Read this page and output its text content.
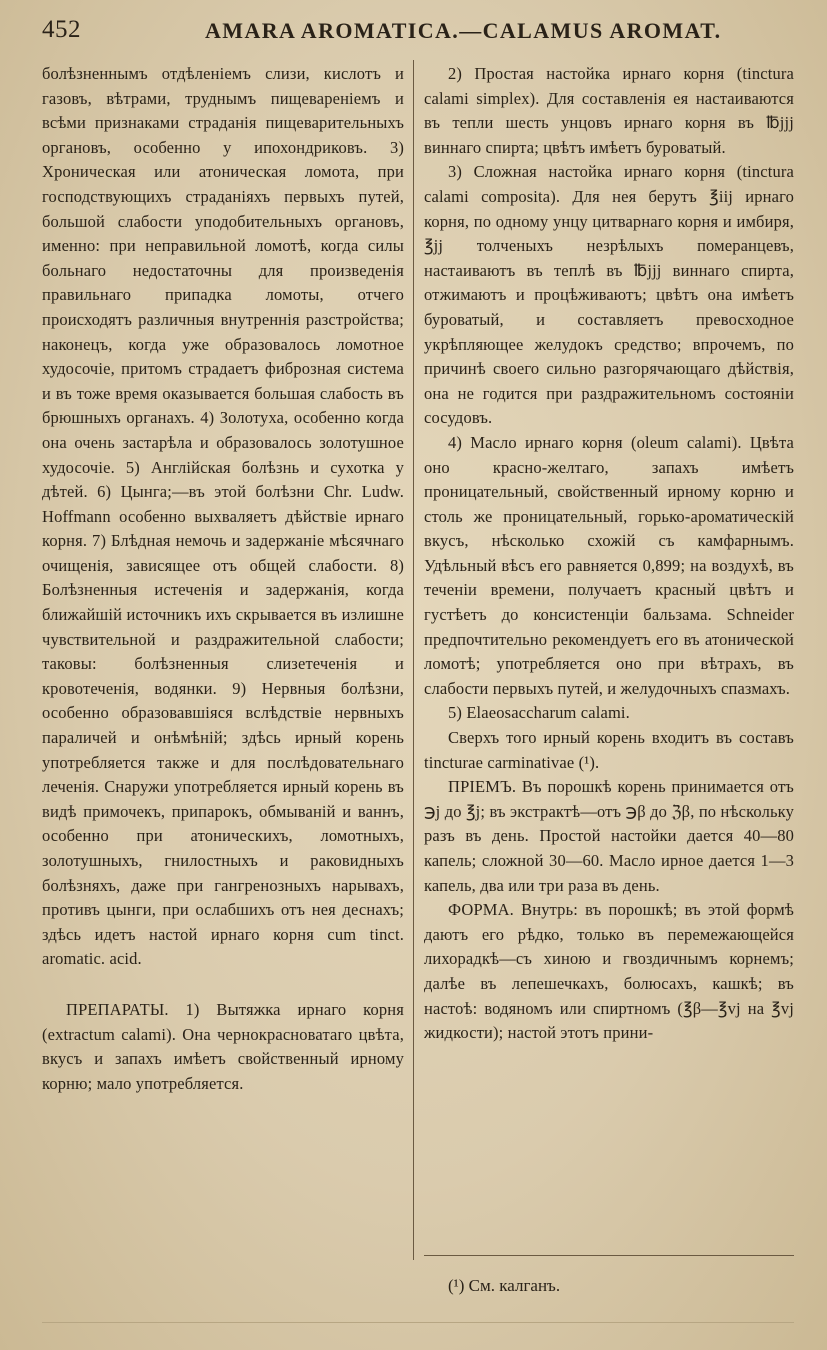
452	AMARA AROMATICA.—CALAMUS AROMAT.

болѣзненнымъ отдѣленіемъ слизи, кислотъ и газовъ, вѣтрами, труднымъ пищевареніемъ и всѣми признаками страданія пищеварительныхъ органовъ, особенно у ипохондриковъ. 3) Хроническая или атоническая ломота, при господствующихъ страданіяхъ первыхъ путей, большой слабости уподобительныхъ органовъ, именно: при неправильной ломотѣ, когда силы больнаго недостаточны для произведенія правильнаго припадка ломоты, отчего происходятъ различныя внутреннія разстройства; наконецъ, когда уже образовалось ломотное худосочіе, притомъ страдаетъ фиброзная система и въ тоже время оказывается большая слабость въ брюшныхъ органахъ. 4) Золотуха, особенно когда она очень застарѣла и образовалось золотушное худосочіе. 5) Англійская болѣзнь и сухотка у дѣтей. 6) Цынга;—въ этой болѣзни Chr. Ludw. Hoffmann особенно выхваляетъ дѣйствіе ирнаго корня. 7) Блѣдная немочь и задержаніе мѣсячнаго очищенія, зависящее отъ общей слабости. 8) Болѣзненныя истеченія и задержанія, когда ближайшій источникъ ихъ скрывается въ излишне чувствительной и раздражительной слабости; таковы: болѣзненныя слизетеченія и кровотеченія, водянки. 9) Нервныя болѣзни, особенно образовавшіяся вслѣдствіе нервныхъ параличей и онѣмѣній; здѣсь ирный корень употребляется также и для послѣдовательнаго леченія. Снаружи употребляется ирный корень въ видѣ примочекъ, припарокъ, обмыванiй и ваннъ, особенно при атоническихъ, ломотныхъ, золотушныхъ, гнилостныхъ и раковидныхъ болѣзняхъ, даже при гангренозныхъ нарывахъ, противъ цынги, при ослабшихъ отъ нея деснахъ; здѣсь идетъ настой ирнаго корня cum tinct. aromatic. acid.

ПРЕПАРАТЫ. 1) Вытяжка ирнаго корня (extractum calami). Она чернокрасноватаго цвѣта, вкусъ и запахъ имѣетъ свойственный ирному корню; мало употребляется.

2) Простая настойка ирнаго корня (tinctura calami simplex). Для составленія ея настаиваются въ тепли шесть унцовъ ирнаго корня въ ℔jjj виннаго спирта; цвѣтъ имѣетъ буроватый.

3) Сложная настойка ирнаго корня (tinctura calami composita). Для нея берутъ ℥iij ирнаго корня, по одному унцу цитварнаго корня и имбиря, ℥jj толченыхъ незрѣлыхъ померанцевъ, настаиваютъ въ теплѣ въ ℔jjj виннаго спирта, отжимаютъ и процѣживаютъ; цвѣтъ она имѣетъ буроватый, и составляетъ превосходное укрѣпляющее желудокъ средство; впрочемъ, по причинѣ своего сильно разгорячающаго дѣйствія, она не годится при раздражительномъ состояніи сосудовъ.

4) Масло ирнаго корня (oleum calami). Цвѣта оно красно-желтаго, запахъ имѣетъ проницательный, свойственный ирному корню и столь же проницательный, горько-ароматическій вкусъ, нѣсколько схожій съ камфарнымъ. Удѣльный вѣсъ его равняется 0,899; на воздухѣ, въ теченіи времени, получаетъ красный цвѣтъ и густѣетъ до консистенціи бальзама. Schneider предпочтительно рекомендуетъ его въ атонической ломотѣ; употребляется оно при вѣтрахъ, въ слабости первыхъ путей, и желудочныхъ спазмахъ.

5) Elaeosaccharum calami.

Сверхъ того ирный корень входитъ въ составъ tincturae carminativae (¹).

ПРІЕМЪ. Въ порошкѣ корень принимается отъ ℈j до ℥j; въ экстрактѣ—отъ ℈β до ℨβ, по нѣскольку разъ въ день. Простой настойки дается 40—80 капель; сложной 30—60. Масло ирное дается 1—3 капель, два или три раза въ день.

ФОРМА. Внутрь: въ порошкѣ; въ этой формѣ даютъ его рѣдко, только въ перемежающейся лихорадкѣ—съ хиною и гвоздичнымъ корнемъ; далѣе въ лепешечкахъ, болюсахъ, кашкѣ; въ настоѣ: водяномъ или спиртномъ (℥β—℥vj на ℥vj жидкости); настой этотъ прини-

(¹) См. калганъ.
